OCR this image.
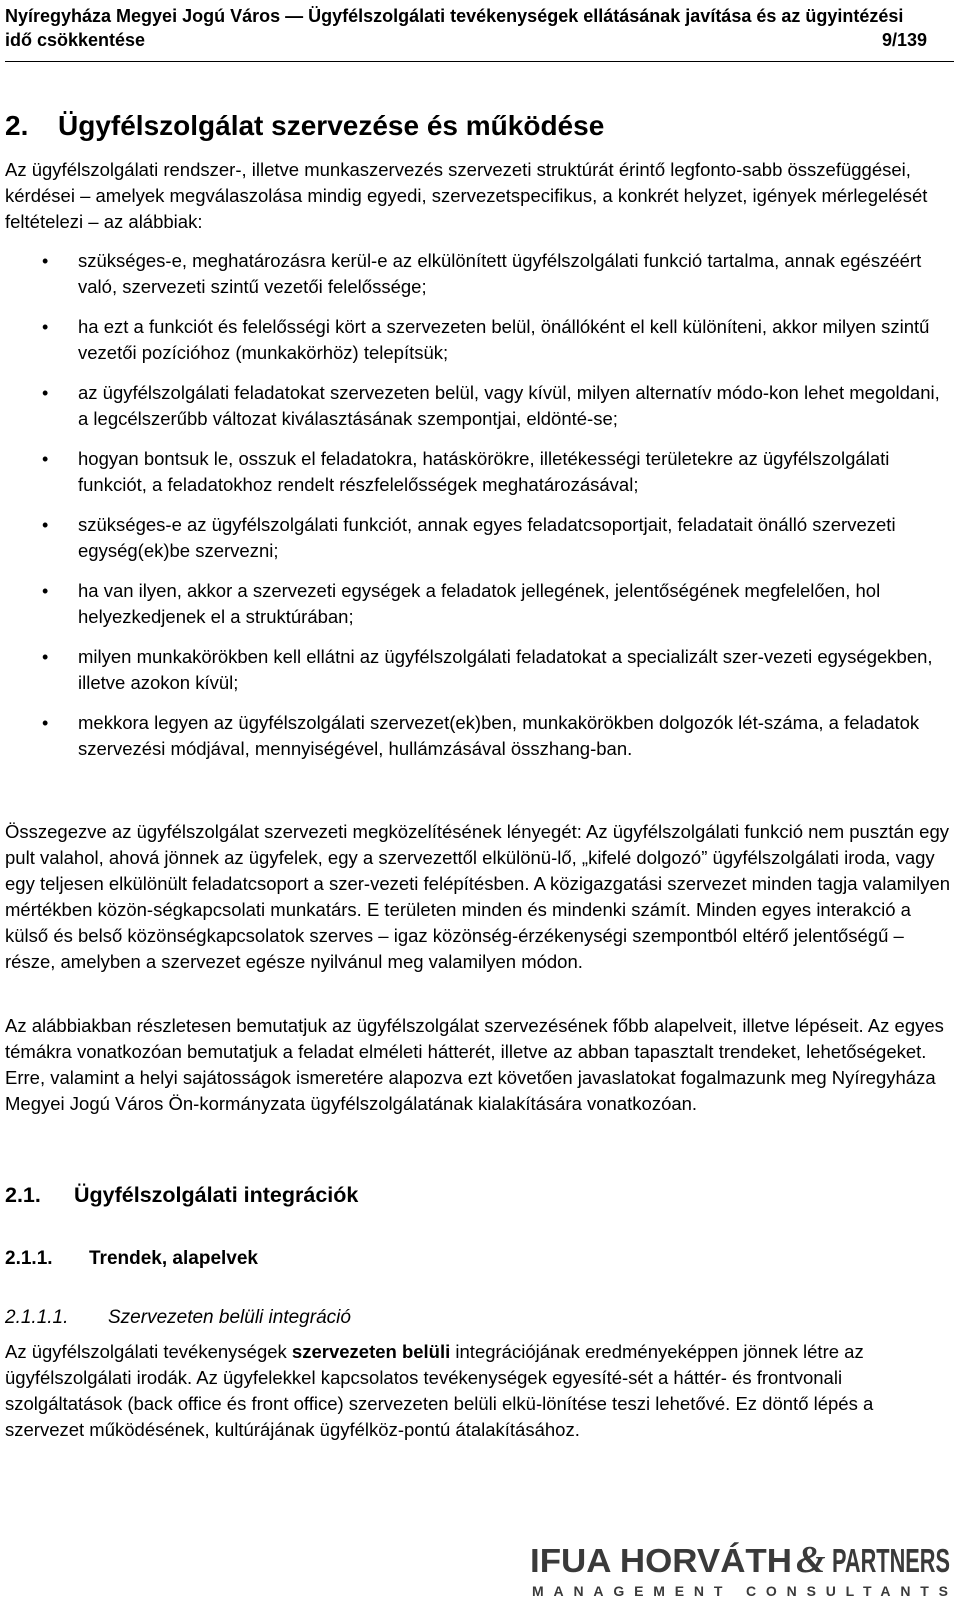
Nyíregyháza Megyei Jogú Város — Ügyfélszolgálati tevékenységek ellátásának javítása és az ügyintézési idő csökkentése	9/139
2. Ügyfélszolgálat szervezése és működése

Az ügyfélszolgálati rendszer-, illetve munkaszervezés szervezeti struktúrát érintő legfonto-sabb összefüggései, kérdései – amelyek megválaszolása mindig egyedi, szervezetspecifikus, a konkrét helyzet, igények mérlegelését feltételezi – az alábbiak:

• szükséges-e, meghatározásra kerül-e az elkülönített ügyfélszolgálati funkció tartalma, annak egészéért való, szervezeti szintű vezetői felelőssége;
• ha ezt a funkciót és felelősségi kört a szervezeten belül, önállóként el kell különíteni, akkor milyen szintű vezetői pozícióhoz (munkakörhöz) telepítsük;
• az ügyfélszolgálati feladatokat szervezeten belül, vagy kívül, milyen alternatív módo-kon lehet megoldani, a legcélszerűbb változat kiválasztásának szempontjai, eldönté-se;
• hogyan bontsuk le, osszuk el feladatokra, hatáskörökre, illetékességi területekre az ügyfélszolgálati funkciót, a feladatokhoz rendelt részfelelősségek meghatározásával;
• szükséges-e az ügyfélszolgálati funkciót, annak egyes feladatcsoportjait, feladatait önálló szervezeti egység(ek)be szervezni;
• ha van ilyen, akkor a szervezeti egységek a feladatok jellegének, jelentőségének megfelelően, hol helyezkedjenek el a struktúrában;
• milyen munkakörökben kell ellátni az ügyfélszolgálati feladatokat a specializált szer-vezeti egységekben, illetve azokon kívül;
• mekkora legyen az ügyfélszolgálati szervezet(ek)ben, munkakörökben dolgozók lét-száma, a feladatok szervezési módjával, mennyiségével, hullámzásával összhang-ban.

Összegezve az ügyfélszolgálat szervezeti megközelítésének lényegét: Az ügyfélszolgálati funkció nem pusztán egy pult valahol, ahová jönnek az ügyfelek, egy a szervezettől elkülönü-lő, „kifelé dolgozó” ügyfélszolgálati iroda, vagy egy teljesen elkülönült feladatcsoport a szer-vezeti felépítésben. A közigazgatási szervezet minden tagja valamilyen mértékben közön-ségkapcsolati munkatárs. E területen minden és mindenki számít. Minden egyes interakció a külső és belső közönségkapcsolatok szerves – igaz közönség-érzékenységi szempontból eltérő jelentőségű – része, amelyben a szervezet egésze nyilvánul meg valamilyen módon.

Az alábbiakban részletesen bemutatjuk az ügyfélszolgálat szervezésének főbb alapelveit, illetve lépéseit. Az egyes témákra vonatkozóan bemutatjuk a feladat elméleti hátterét, illetve az abban tapasztalt trendeket, lehetőségeket. Erre, valamint a helyi sajátosságok ismeretére alapozva ezt követően javaslatokat fogalmazunk meg Nyíregyháza Megyei Jogú Város Ön-kormányzata ügyfélszolgálatának kialakítására vonatkozóan.

2.1. Ügyfélszolgálati integrációk
2.1.1. Trendek, alapelvek
2.1.1.1. Szervezeten belüli integráció

Az ügyfélszolgálati tevékenységek szervezeten belüli integrációjának eredményeképpen jönnek létre az ügyfélszolgálati irodák. Az ügyfelekkel kapcsolatos tevékenységek egyesíté-sét a háttér- és frontvonali szolgáltatások (back office és front office) szervezeten belüli elkü-lönítése teszi lehetővé. Ez döntő lépés a szervezet működésének, kultúrájának ügyfélköz-pontú átalakításához.

IFUA HORVÁTH & PARTNERS
MANAGEMENT CONSULTANTS
